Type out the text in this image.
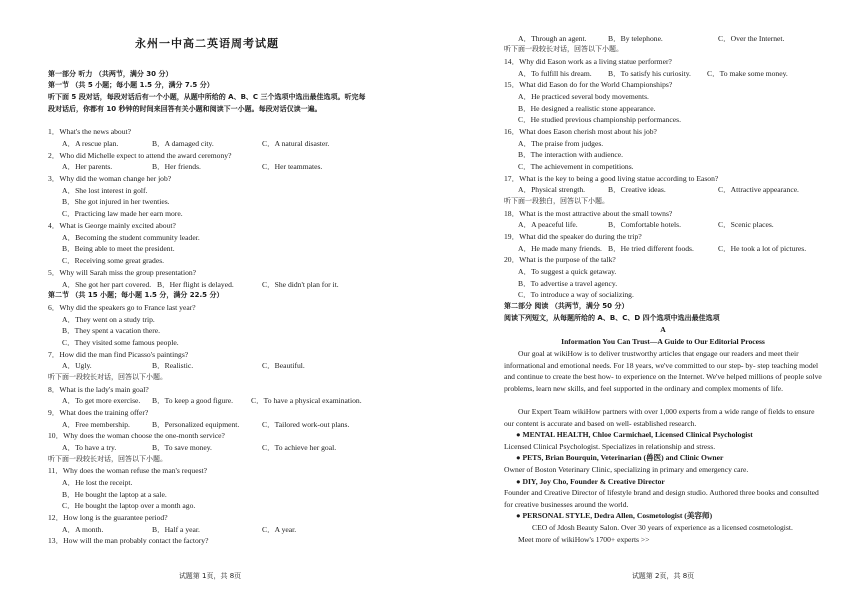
永州一中高二英语周考试题
第一部分 听力 （共两节，满分 30 分）
第一节 （共 5 小题；每小题 1.5 分，满分 7.5 分）
听下面 5 段对话，每段对话后有一个小题，从题中所给的 A、B、C 三个选项中选出最佳选项。听完每段对话后，你都有 10 秒钟的时间来回答有关小题和阅读下一小题。每段对话仅读一遍。
1．What's the news about?
A．A rescue plan.	B．A damaged city.	C．A natural disaster.
2．Who did Michelle expect to attend the award ceremony?
A．Her parents.	B．Her friends.	C．Her teammates.
3．Why did the woman change her job?
A．She lost interest in golf.
B．She got injured in her twenties.
C．Practicing law made her earn more.
4．What is George mainly excited about?
A．Becoming the student community leader.
B．Being able to meet the president.
C．Receiving some great grades.
5．Why will Sarah miss the group presentation?
A．She got her part covered. B．Her flight is delayed.	C．She didn't plan for it.
第二节 （共 15 小题；每小题 1.5 分，满分 22.5 分）
6．Why did the speakers go to France last year?
A．They went on a study trip.
B．They spent a vacation there.
C．They visited some famous people.
7．How did the man find Picasso's paintings?
A．Ugly.	B．Realistic.	C．Beautiful.
听下面一段较长对话，回答以下小题。
8．What is the lady's main goal?
A．To get more exercise.	B．To keep a good figure.	C．To have a physical examination.
9．What does the training offer?
A．Free membership.	B．Personalized equipment.	C．Tailored work-out plans.
10．Why does the woman choose the one-month service?
A．To have a try.	B．To save money.	C．To achieve her goal.
听下面一段较长对话，回答以下小题。
11．Why does the woman refuse the man's request?
A．He lost the receipt.
B．He bought the laptop at a sale.
C．He bought the laptop over a month ago.
12．How long is the guarantee period?
A．A month.	B．Half a year.	C．A year.
13．How will the man probably contact the factory?
试题第 1页，共 8页
A．Through an agent.	B．By telephone.	C．Over the Internet.
听下面一段较长对话，回答以下小题。
14．Why did Eason work as a living statue performer?
A．To fulfill his dream.	B．To satisfy his curiosity.	C．To make some money.
15．What did Eason do for the World Championships?
A．He practiced several body movements.
B．He designed a realistic stone appearance.
C．He studied previous championship performances.
16．What does Eason cherish most about his job?
A．The praise from judges.
B．The interaction with audience.
C．The achievement in competitions.
17．What is the key to being a good living statue according to Eason?
A．Physical strength.	B．Creative ideas.	C．Attractive appearance.
听下面一段独白，回答以下小题。
18．What is the most attractive about the small towns?
A．A peaceful life.	B．Comfortable hotels.	C．Scenic places.
19．What did the speaker do during the trip?
A．He made many friends. B．He tried different foods.	C．He took a lot of pictures.
20．What is the purpose of the talk?
A．To suggest a quick getaway.
B．To advertise a travel agency.
C．To introduce a way of socializing.
第二部分 阅读 （共两节，满分 50 分）
阅读下列短文，从每题所给的 A、B、C、D 四个选项中选出最佳选项
A
Information You Can Trust—A Guide to Our Editorial Process
Our goal at wikiHow is to deliver trustworthy articles that engage our readers and meet their informational and emotional needs. For 18 years, we've committed to our step- by- step teaching model and continue to create the best how- to experience on the Internet. We've helped millions of people solve problems, learn new skills, and feel supported in the ordinary and complex moments of life.
Our Expert Team wikiHow partners with over 1,000 experts from a wide range of fields to ensure our content is accurate and based on well- established research.
● MENTAL HEALTH, Chloe Carmichael, Licensed Clinical Psychologist
Licensed Clinical Psychologist. Specializes in relationship and stress.
● PETS, Brian Bourquin, Veterinarian (兽医) and Clinic Owner
Owner of Boston Veterinary Clinic, specializing in primary and emergency care.
● DIY, Joy Cho, Founder & Creative Director
Founder and Creative Director of lifestyle brand and design studio. Authored three books and consulted for creative businesses around the world.
● PERSONAL STYLE, Dedra Allen, Cosmetologist (美容师)
CEO of Jdosh Beauty Salon. Over 30 years of experience as a licensed cosmetologist.
Meet more of wikiHow's 1700+ experts >>
试题第 2页，共 8页
